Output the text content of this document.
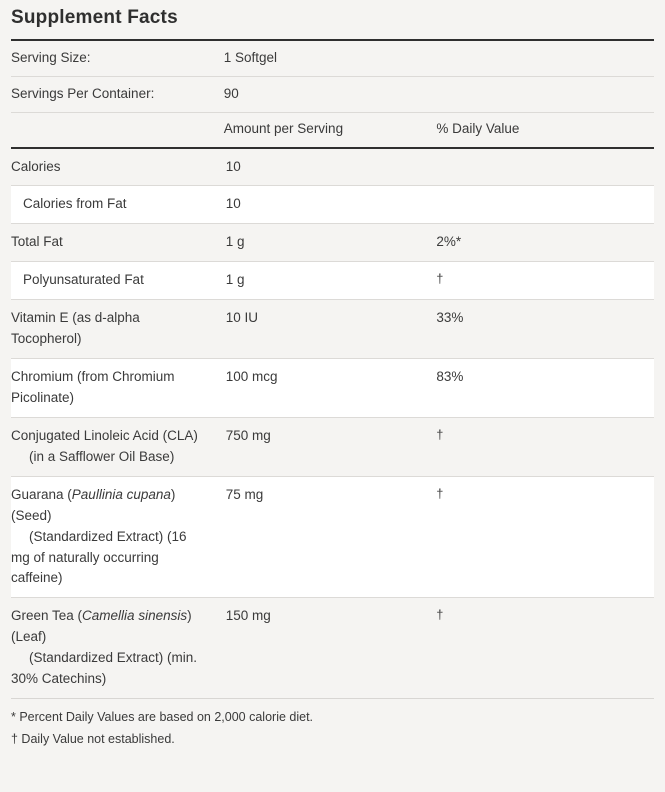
Supplement Facts
Serving Size:	1 Softgel	
Servings Per Container:	90	
	Amount per Serving	% Daily Value
Calories	10	
Calories from Fat	10	
Total Fat	1 g	2%*
Polyunsaturated Fat	1 g	†
Vitamin E (as d-alpha
Tocopherol)	10 IU	33%
Chromium (from Chromium
Picolinate)	100 mcg	83%
Conjugated Linoleic Acid (CLA)
(in a Safflower Oil Base)	750 mg	†
Guarana (Paullinia cupana)
(Seed)
(Standardized Extract) (16
mg of naturally occurring
caffeine)	75 mg	†
Green Tea (Camellia sinensis)
(Leaf)
(Standardized Extract) (min.
30% Catechins)	150 mg	†
* Percent Daily Values are based on 2,000 calorie diet.
† Daily Value not established.
